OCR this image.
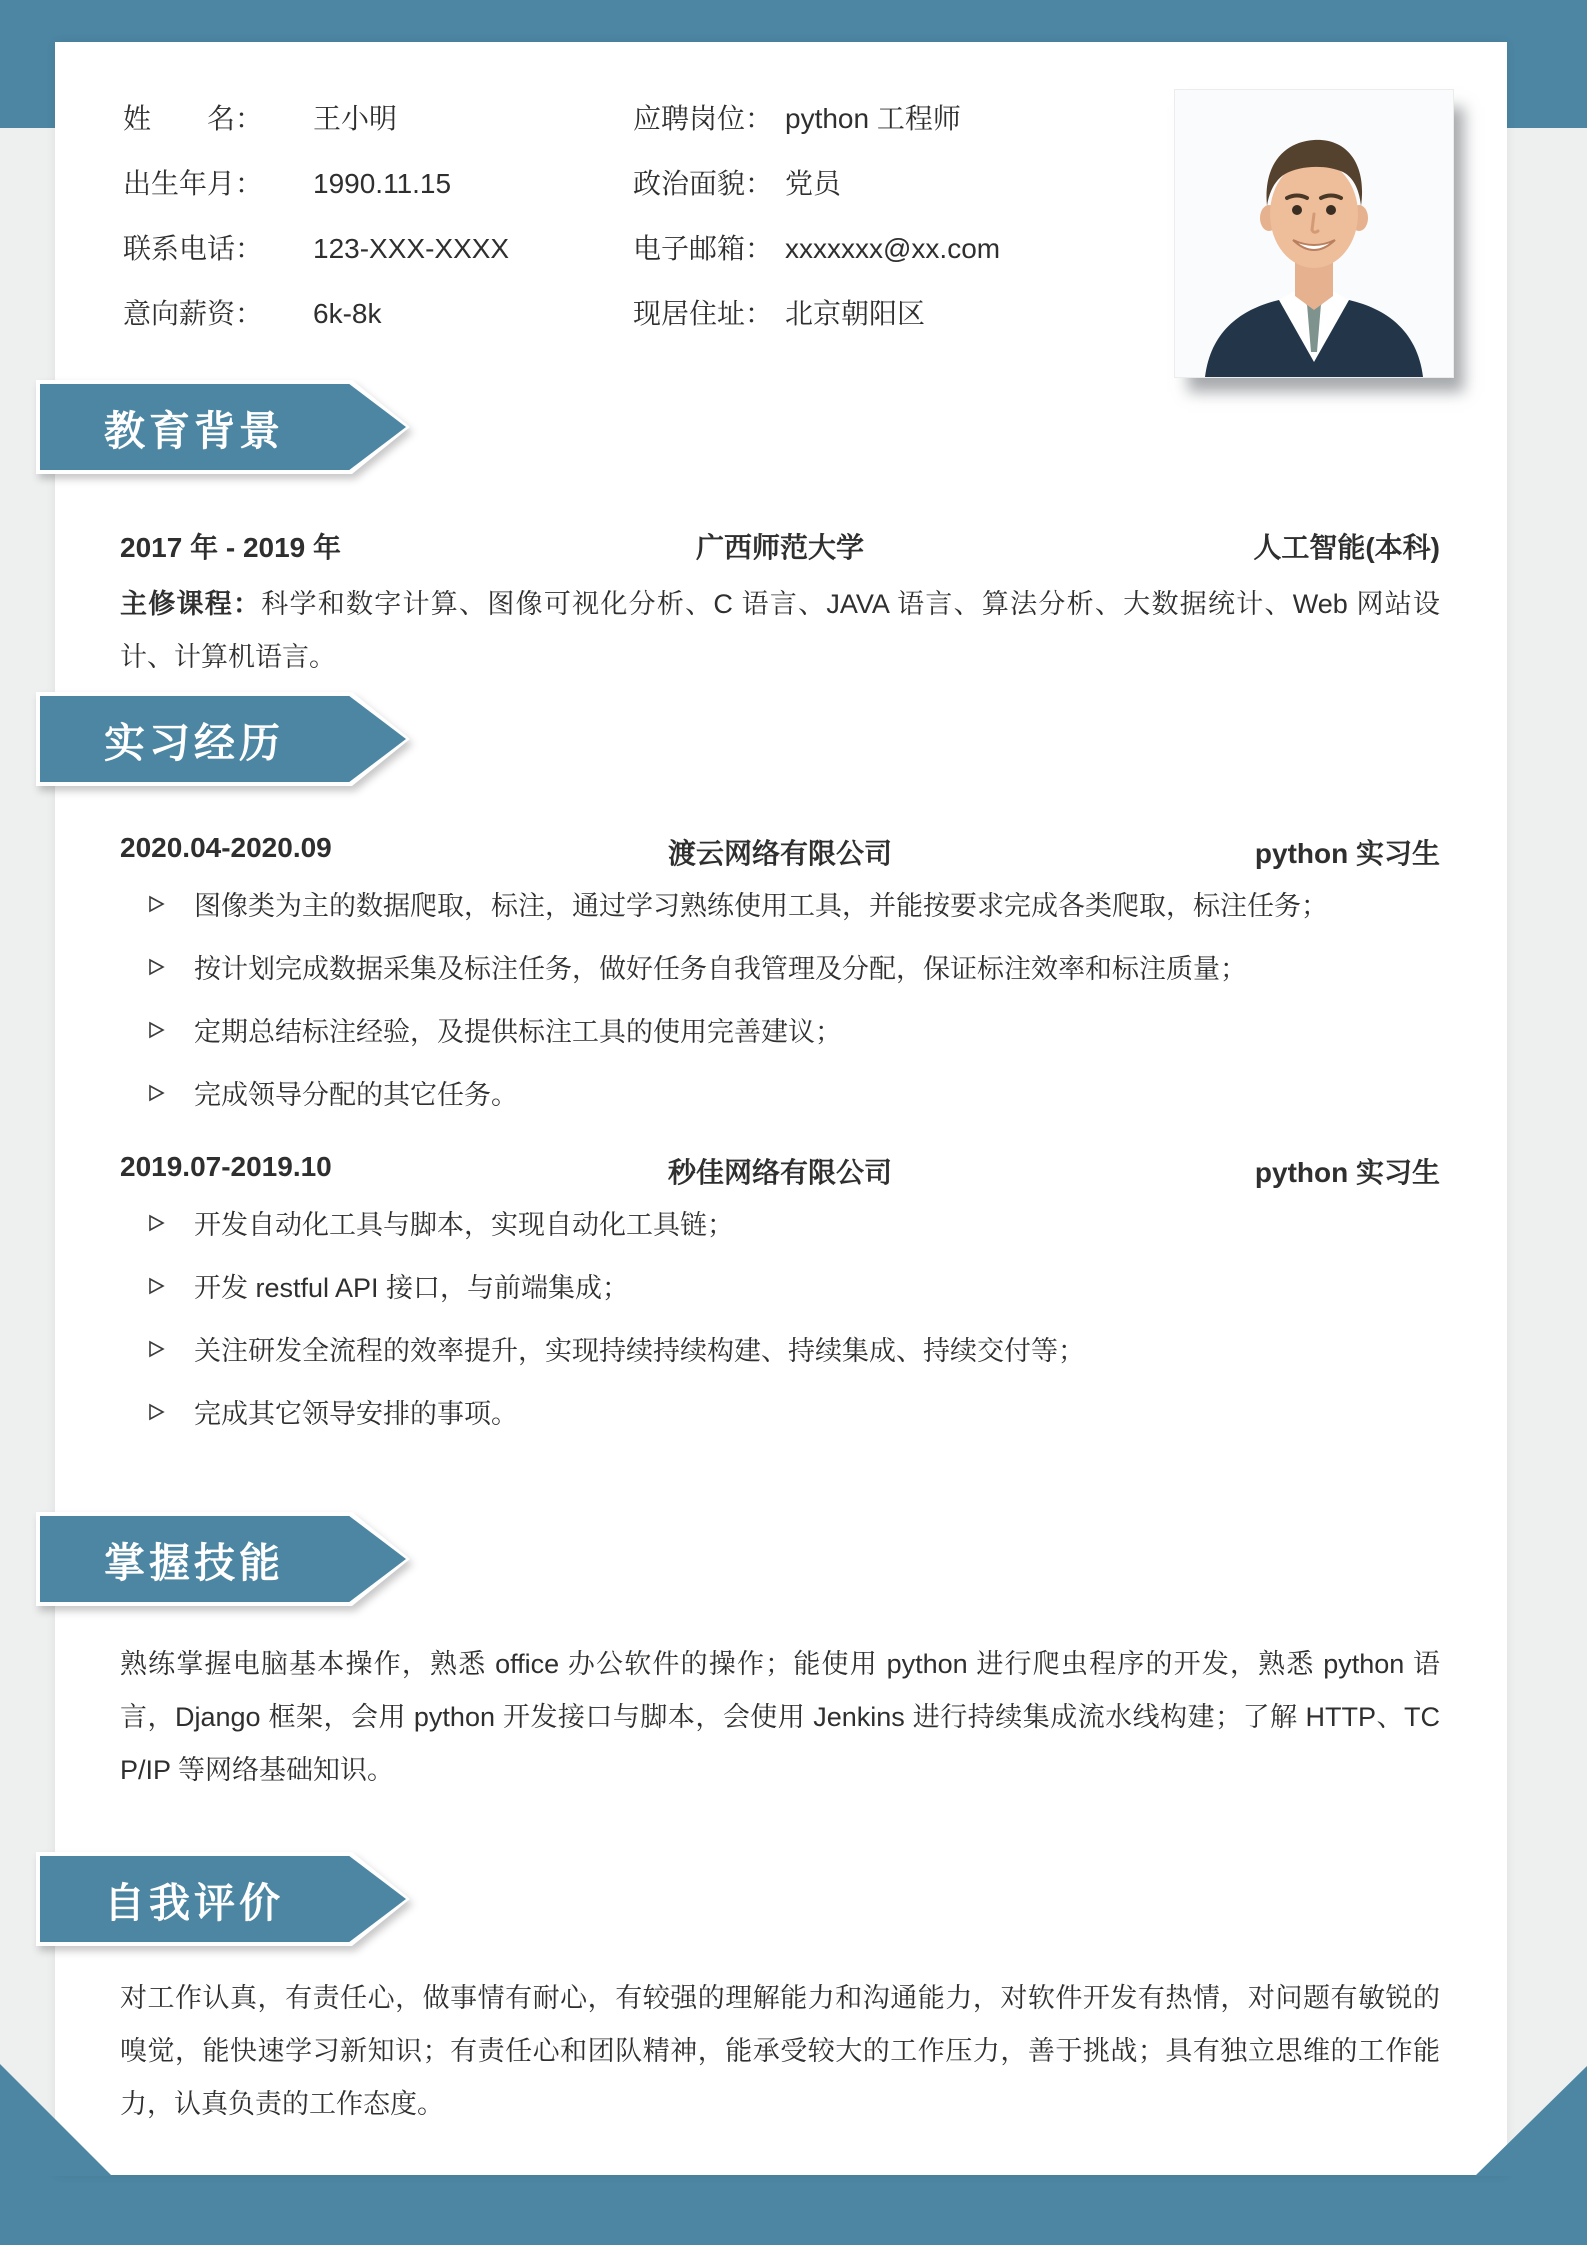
姓　　名： 王小明	应聘岗位： python 工程师
出生年月： 1990.11.15	政治面貌： 党员
联系电话： 123-XXX-XXXX	电子邮箱： xxxxxxx@xx.com
意向薪资： 6k-8k	现居住址： 北京朝阳区
教育背景
2017 年 - 2019 年	广西师范大学	人工智能(本科)

主修课程：科学和数字计算、图像可视化分析、C 语言、JAVA 语言、算法分析、大数据统计、Web 网站设计、计算机语言。

实习经历
2020.04-2020.09	渡云网络有限公司	python 实习生
图像类为主的数据爬取，标注，通过学习熟练使用工具，并能按要求完成各类爬取，标注任务；
按计划完成数据采集及标注任务，做好任务自我管理及分配，保证标注效率和标注质量；
定期总结标注经验，及提供标注工具的使用完善建议；
完成领导分配的其它任务。
2019.07-2019.10	秒佳网络有限公司	python 实习生
开发自动化工具与脚本，实现自动化工具链；
开发 restful API 接口，与前端集成；
关注研发全流程的效率提升，实现持续持续构建、持续集成、持续交付等；
完成其它领导安排的事项。
掌握技能

熟练掌握电脑基本操作，熟悉 office 办公软件的操作；能使用 python 进行爬虫程序的开发，熟悉 python 语言，Django 框架，会用 python 开发接口与脚本，会使用 Jenkins 进行持续集成流水线构建；了解 HTTP、TCP/IP 等网络基础知识。

自我评价

对工作认真，有责任心，做事情有耐心，有较强的理解能力和沟通能力，对软件开发有热情，对问题有敏锐的嗅觉，能快速学习新知识；有责任心和团队精神，能承受较大的工作压力，善于挑战；具有独立思维的工作能力，认真负责的工作态度。
